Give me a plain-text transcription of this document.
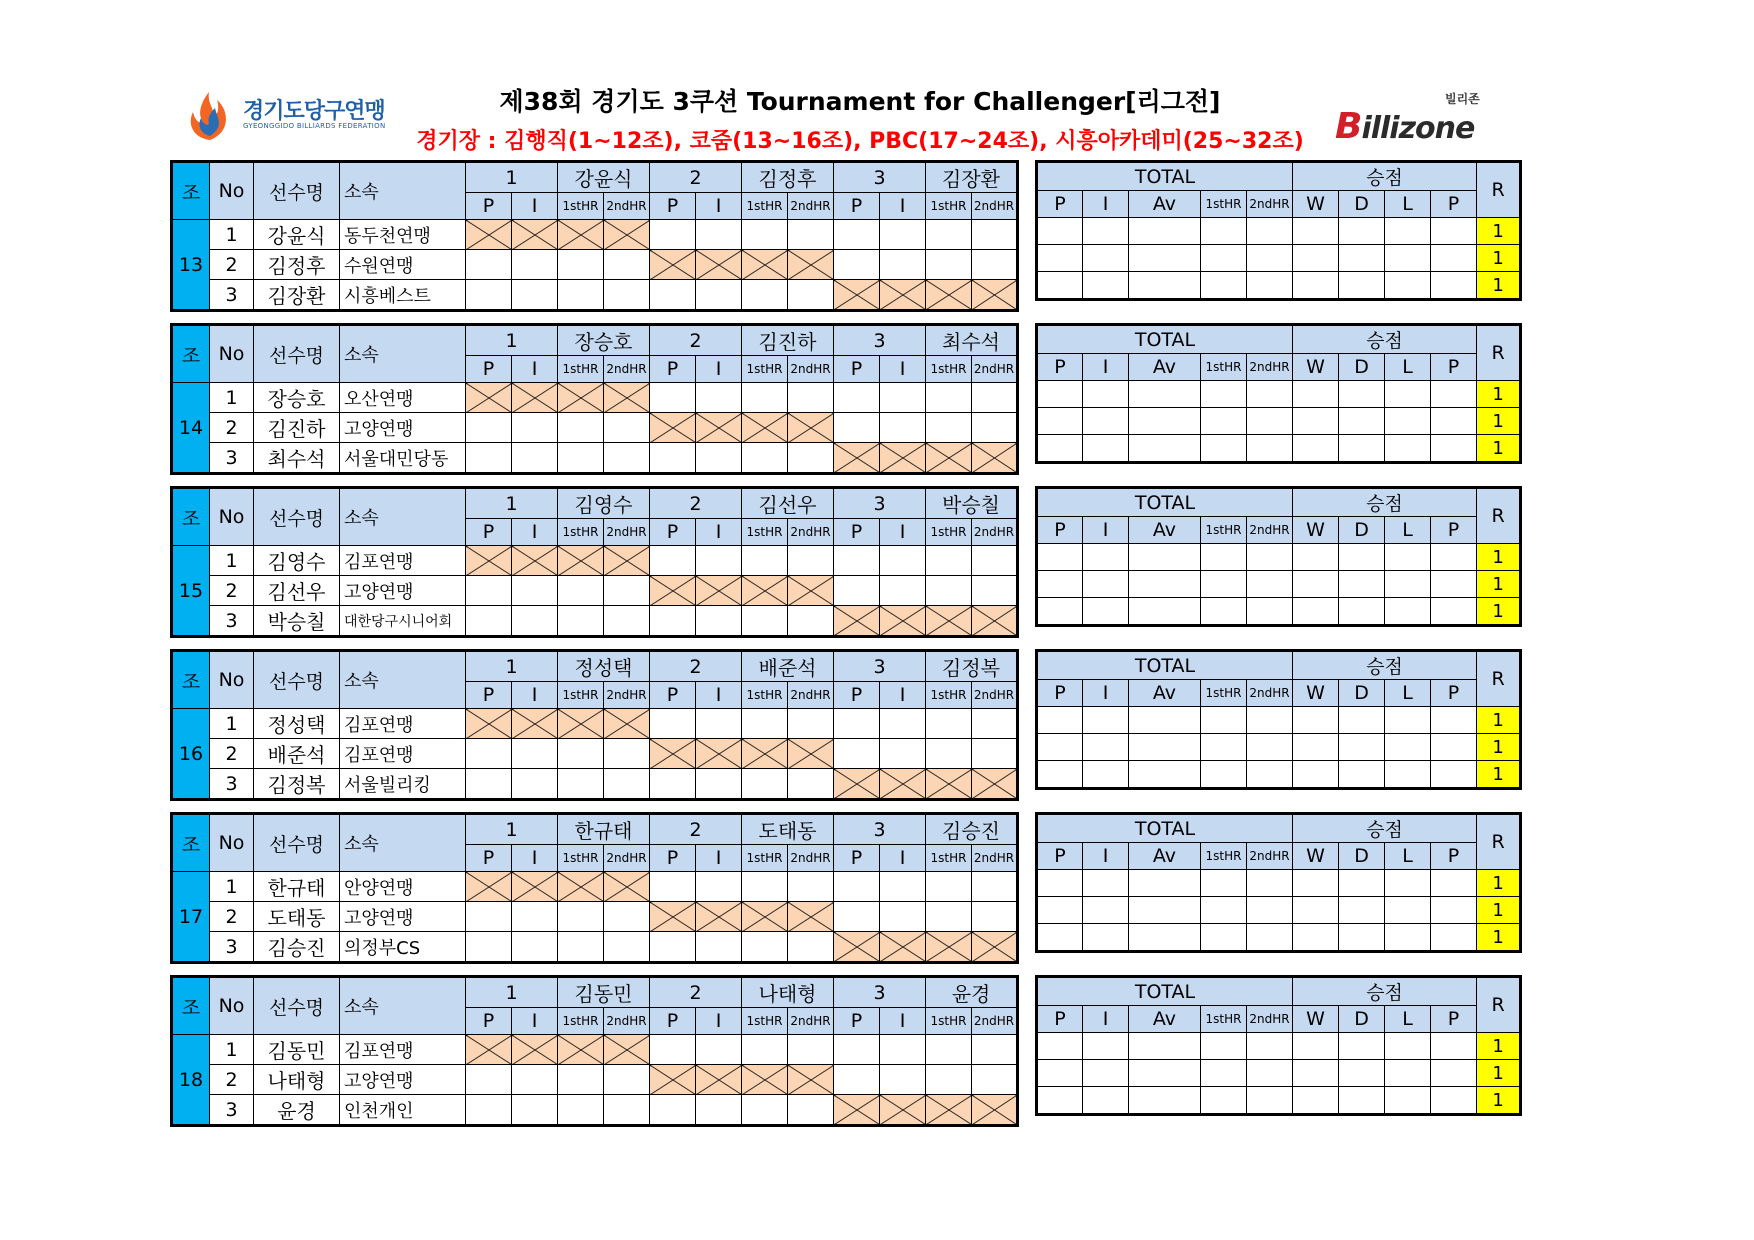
경기도당구연맹
GYEONGGIDO BILLIARDS FEDERATION
제38회 경기도 3쿠션 Tournament for Challenger[리그전]
경기장 : 김행직(1~12조), 코줌(13~16조), PBC(17~24조), 시흥아카데미(25~32조)
빌리존
Billizone
조	No	선수명	소속	1		강윤식		2		김정후		3		김장환	
				P	I	1stHR	2ndHR	P	I	1stHR	2ndHR	P	I	1stHR	2ndHR
13	1	강윤식	동두천연맹												
	2	김정후	수원연맹												
	3	김장환	시흥베스트												
TOTAL					승점				R
P	I	Av	1stHR	2ndHR	W	D	L	P	
									1
									1
									1
조	No	선수명	소속	1		장승호		2		김진하		3		최수석	
				P	I	1stHR	2ndHR	P	I	1stHR	2ndHR	P	I	1stHR	2ndHR
14	1	장승호	오산연맹												
	2	김진하	고양연맹												
	3	최수석	서울대민당동												
TOTAL					승점				R
P	I	Av	1stHR	2ndHR	W	D	L	P	
									1
									1
									1
조	No	선수명	소속	1		김영수		2		김선우		3		박승칠	
				P	I	1stHR	2ndHR	P	I	1stHR	2ndHR	P	I	1stHR	2ndHR
15	1	김영수	김포연맹												
	2	김선우	고양연맹												
	3	박승칠	대한당구시니어회												
TOTAL					승점				R
P	I	Av	1stHR	2ndHR	W	D	L	P	
									1
									1
									1
조	No	선수명	소속	1		정성택		2		배준석		3		김정복	
				P	I	1stHR	2ndHR	P	I	1stHR	2ndHR	P	I	1stHR	2ndHR
16	1	정성택	김포연맹												
	2	배준석	김포연맹												
	3	김정복	서울빌리킹												
TOTAL					승점				R
P	I	Av	1stHR	2ndHR	W	D	L	P	
									1
									1
									1
조	No	선수명	소속	1		한규태		2		도태동		3		김승진	
				P	I	1stHR	2ndHR	P	I	1stHR	2ndHR	P	I	1stHR	2ndHR
17	1	한규태	안양연맹												
	2	도태동	고양연맹												
	3	김승진	의정부CS												
TOTAL					승점				R
P	I	Av	1stHR	2ndHR	W	D	L	P	
									1
									1
									1
조	No	선수명	소속	1		김동민		2		나태형		3		윤경	
				P	I	1stHR	2ndHR	P	I	1stHR	2ndHR	P	I	1stHR	2ndHR
18	1	김동민	김포연맹												
	2	나태형	고양연맹												
	3	윤경	인천개인												
TOTAL					승점				R
P	I	Av	1stHR	2ndHR	W	D	L	P	
									1
									1
									1
